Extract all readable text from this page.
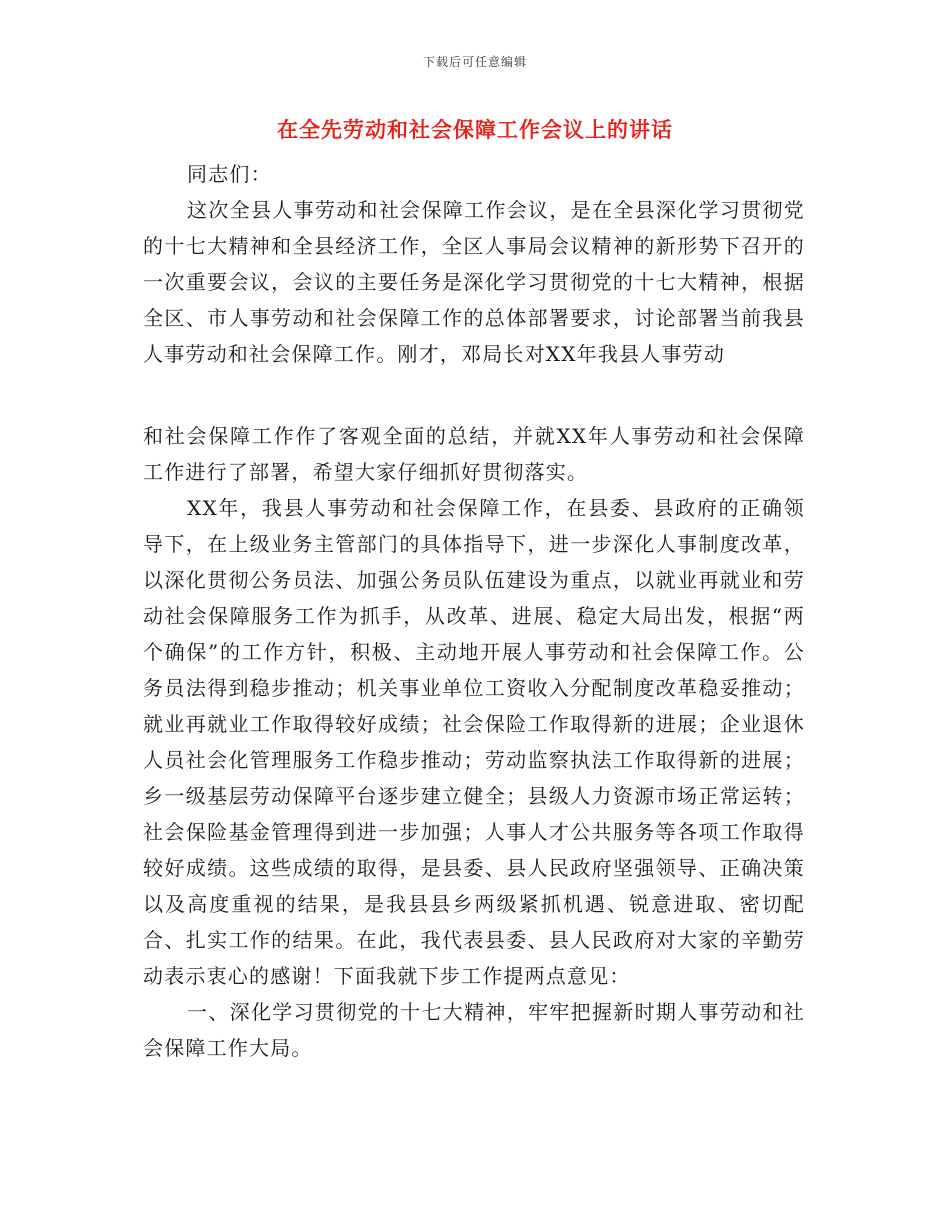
下载后可任意编辑
在全先劳动和社会保障工作会议上的讲话

同志们：

这次全县人事劳动和社会保障工作会议，是在全县深化学习贯彻党的十七大精神和全县经济工作，全区人事局会议精神的新形势下召开的一次重要会议，会议的主要任务是深化学习贯彻党的十七大精神，根据全区、市人事劳动和社会保障工作的总体部署要求，讨论部署当前我县人事劳动和社会保障工作。刚才，邓局长对XX年我县人事劳动

和社会保障工作作了客观全面的总结，并就XX年人事劳动和社会保障工作进行了部署，希望大家仔细抓好贯彻落实。

XX年，我县人事劳动和社会保障工作，在县委、县政府的正确领导下，在上级业务主管部门的具体指导下，进一步深化人事制度改革，以深化贯彻公务员法、加强公务员队伍建设为重点，以就业再就业和劳动社会保障服务工作为抓手，从改革、进展、稳定大局出发，根据“两个确保”的工作方针，积极、主动地开展人事劳动和社会保障工作。公务员法得到稳步推动；机关事业单位工资收入分配制度改革稳妥推动；就业再就业工作取得较好成绩；社会保险工作取得新的进展；企业退休人员社会化管理服务工作稳步推动；劳动监察执法工作取得新的进展；乡一级基层劳动保障平台逐步建立健全；县级人力资源市场正常运转；社会保险基金管理得到进一步加强；人事人才公共服务等各项工作取得较好成绩。这些成绩的取得，是县委、县人民政府坚强领导、正确决策以及高度重视的结果，是我县县乡两级紧抓机遇、锐意进取、密切配合、扎实工作的结果。在此，我代表县委、县人民政府对大家的辛勤劳动表示衷心的感谢！下面我就下步工作提两点意见：

一、深化学习贯彻党的十七大精神，牢牢把握新时期人事劳动和社会保障工作大局。
